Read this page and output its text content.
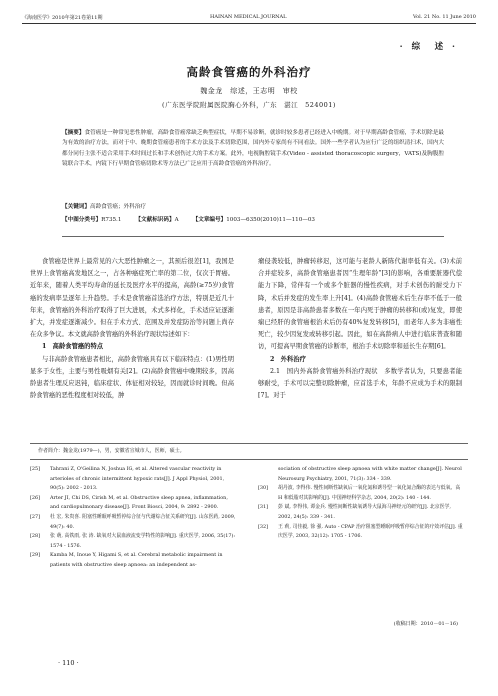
《海南医学》2010年第21卷第11期	HAINAN MEDICAL JOURNAL	Vol. 21 No. 11 June 2010
· 综　述 ·
高龄食管癌的外科治疗
魏金龙　综述，王志明　审校
(广东医学院附属医院胸心外科，广东　湛江　524001)
【摘要】食管癌是一种常见恶性肿瘤，高龄食管癌常缺乏典型症状，早期不易诊断，就诊时较多患者已经进入中晚期。对于早期高龄食管癌，手术切除是最为有效的治疗方法，而对于中、晚期食管癌患者的手术方法及手术切除范围，国内外专家尚有不同看法。国外一些学者认为应行广泛的组织清扫术，国内大都分同行主张不适合采用手术时间过长和手术创伤过大的手术方案。此外，电视胸腔镜手术(Video - assisted thoracoscopic surgery，VATS)及胸腹腔镜联合手术，内镜下行早期食管癌切除术等方法已广泛应用于高龄食管癌的外科治疗。
【关键词】高龄食管癌；外科治疗
【中图分类号】R735.1	【文献标识码】A	【文章编号】1003—6350(2010)11—110—03

食管癌是世界上最常见的六大恶性肿瘤之一，其预后很差[1]，我国是世界上食管癌高发地区之一，占各种癌症死亡率的第二位，仅次于胃癌。近年来，随着人类平均寿命的延长及医疗水平的提高，高龄(≥75岁)食管癌的发病率呈逐年上升趋势。手术是食管癌首选治疗方法，特别是近几十年来，食管癌的外科治疗取得了巨大进展，术式多样化，手术适应证逐渐扩大，并发症逐渐减少。但在手术方式、范围及并发症防治等问题上尚存在众多争议。本文就高龄食管癌的外科治疗现状综述如下：

1　高龄食管癌的特点

与非高龄食管癌患者相比，高龄食管癌具有以下临床特点：(1)男性明显多于女性，主要与男性吸烟有关[2]。(2)高龄食管癌中晚期较多，因高龄患者生理反应迟钝，临床症状、体征相对较轻，因而就诊时间晚。但高龄食管癌的恶性程度相对较低，肿

瘤侵袭较低，肿瘤转移迟，这可能与老龄人新陈代谢率低有关。(3)术前合并症较多，高龄食管癌患者因“生理年龄”[3]的影响，各重要脏器代偿能力下降，常伴有一个或多个脏器的慢性疾病，对手术创伤的耐受力下降，术后并发症的发生率上升[4]。(4)高龄食管癌术后生存率不低于一般患者，原因是非高龄患者多数在一年内死于肿瘤的转移和(或)复发，即使痫已经肝的食管癌根治术后仍有40%复发转移[5]，而老年人多为非癌性死亡，较少因复发或转移引起。因此，如在高龄病人中进行临床普查和随访，可提高早期食管癌的诊断率，根治手术切除率和延长生存期[6]。

2　外科治疗

2.1　国内外高龄食管癌外科治疗现状　多数学者认为，只要患者能够耐受，手术可以完整切除肿瘤，应首选手术，年龄不应成为手术的限制[7]。对于

作者简介：魏金龙(1979—)，男，安徽省宣城市人，医师，硕士。
[25]	Tahrani Z, O'Geilina N, Joshua IG, et al. Altered vascular reactivity in arterioles of chronic intermittent hypoxic rats[J]. J Appl Physiol, 2001, 90(5): 2002 - 2013.
[26]	Arter JI, Chi DS, Cirish M, et al. Obstructive sleep apnea, inflammation, and cardiopulmonary disease[J]. Front Biosci, 2004, 9: 2892 - 2900.
[27]	杜 宏, 朱贵喜. 阻塞性睡眠呼吸暂停综合征与代谢综合征关系研究[J]. 山东医药, 2009, 49(7): 40.
[28]	张 萌, 高铁雨, 张 涛. 缺氧对大鼠血液流变学特性的影响[J]. 重庆医学, 2006, 35(17): 1574 - 1576.
[29]	Kamba M, Inoue Y, Higami S, et al. Cerebral metabolic impairment in patients with obstructive sleep apnoea: an independent as-
sociation of obstructive sleep apnoea with white matter change[J]. Neurol Neurosurg Psychiatry, 2001, 71(3): 334 - 339.
[30]	胡丹波, 李得伟. 慢性间断性缺氧后一氧化氮和诱导型一氧化氮合酶的表达与低氧、高 H 和低脂对其影响的[J]. 中国神经科学杂志, 2004, 20(2): 140 - 144.
[31]	彭 斌, 李得伟, 谭金兵. 慢性间断性缺氧诱导大鼠海马神经元的研究[J]. 北京医学, 2002, 24(5): 339 - 341.
[32]	王 莉, 司佳毅, 徐 强. Auto - CPAP 治疗阻塞型睡眠呼吸暂停综合征的疗效评估[J]. 重庆医学, 2003, 32(12): 1705 - 1706.
(收稿日期：2010－01－16)
· 110 ·
